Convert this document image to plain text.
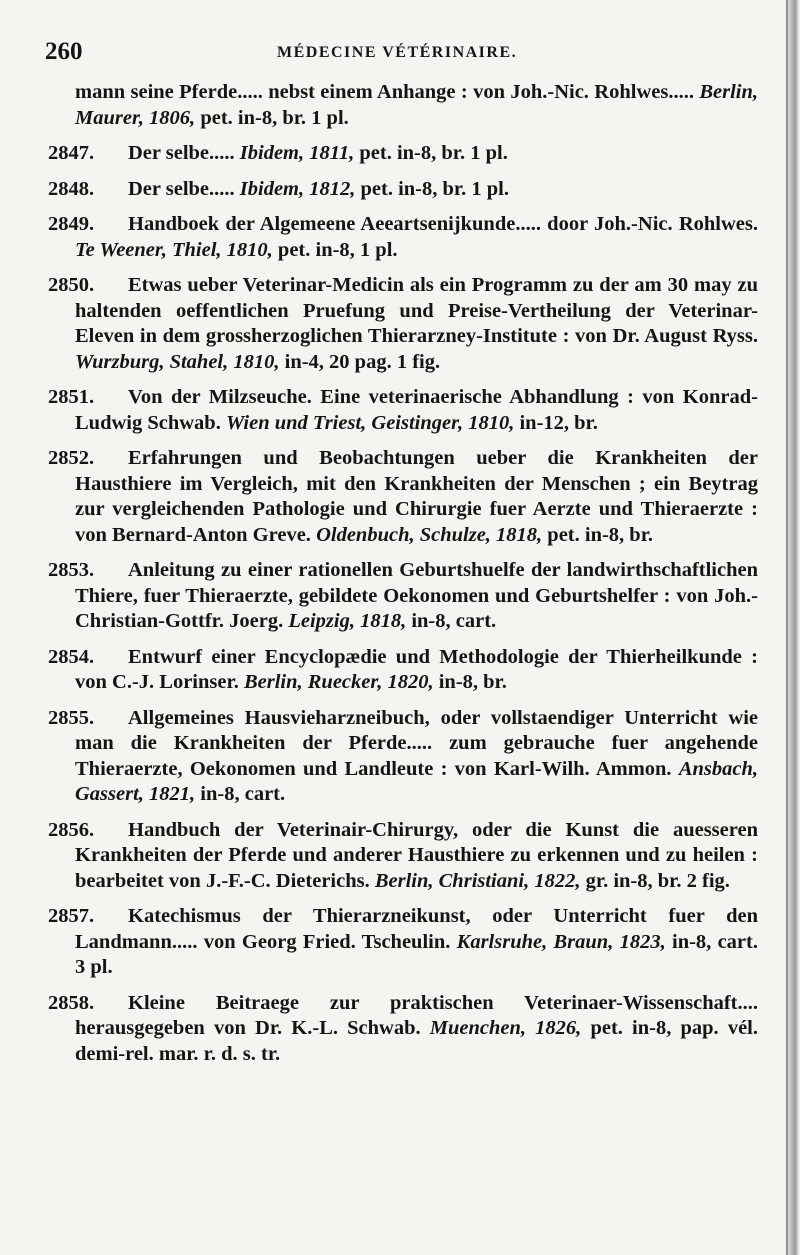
260	MÉDECINE VÉTÉRINAIRE.

mann seine Pferde..... nebst einem Anhange : von Joh.-Nic. Rohlwes..... Berlin, Maurer, 1806, pet. in-8, br. 1 pl.

2847. Der selbe..... Ibidem, 1811, pet. in-8, br. 1 pl.

2848. Der selbe..... Ibidem, 1812, pet. in-8, br. 1 pl.

2849. Handboek der Algemeene Aeeartsenijkunde..... door Joh.-Nic. Rohlwes. Te Weener, Thiel, 1810, pet. in-8, 1 pl.

2850. Etwas ueber Veterinar-Medicin als ein Programm zu der am 30 may zu haltenden oeffentlichen Pruefung und Preise-Vertheilung der Veterinar-Eleven in dem grossherzoglichen Thierarzney-Institute : von Dr. August Ryss. Wurzburg, Stahel, 1810, in-4, 20 pag. 1 fig.

2851. Von der Milzseuche. Eine veterinaerische Abhandlung : von Konrad-Ludwig Schwab. Wien und Triest, Geistinger, 1810, in-12, br.

2852. Erfahrungen und Beobachtungen ueber die Krankheiten der Hausthiere im Vergleich, mit den Krankheiten der Menschen ; ein Beytrag zur vergleichenden Pathologie und Chirurgie fuer Aerzte und Thieraerzte : von Bernard-Anton Greve. Oldenbuch, Schulze, 1818, pet. in-8, br.

2853. Anleitung zu einer rationellen Geburtshuelfe der landwirthschaftlichen Thiere, fuer Thieraerzte, gebildete Oekonomen und Geburtshelfer : von Joh.-Christian-Gottfr. Joerg. Leipzig, 1818, in-8, cart.

2854. Entwurf einer Encyclopædie und Methodologie der Thierheilkunde : von C.-J. Lorinser. Berlin, Ruecker, 1820, in-8, br.

2855. Allgemeines Hausvieharzneibuch, oder vollstaendiger Unterricht wie man die Krankheiten der Pferde..... zum gebrauche fuer angehende Thieraerzte, Oekonomen und Landleute : von Karl-Wilh. Ammon. Ansbach, Gassert, 1821, in-8, cart.

2856. Handbuch der Veterinair-Chirurgy, oder die Kunst die auesseren Krankheiten der Pferde und anderer Hausthiere zu erkennen und zu heilen : bearbeitet von J.-F.-C. Dieterichs. Berlin, Christiani, 1822, gr. in-8, br. 2 fig.

2857. Katechismus der Thierarzneikunst, oder Unterricht fuer den Landmann..... von Georg Fried. Tscheulin. Karlsruhe, Braun, 1823, in-8, cart. 3 pl.

2858. Kleine Beitraege zur praktischen Veterinaer-Wissenschaft.... herausgegeben von Dr. K.-L. Schwab. Muenchen, 1826, pet. in-8, pap. vél. demi-rel. mar. r. d. s. tr.
